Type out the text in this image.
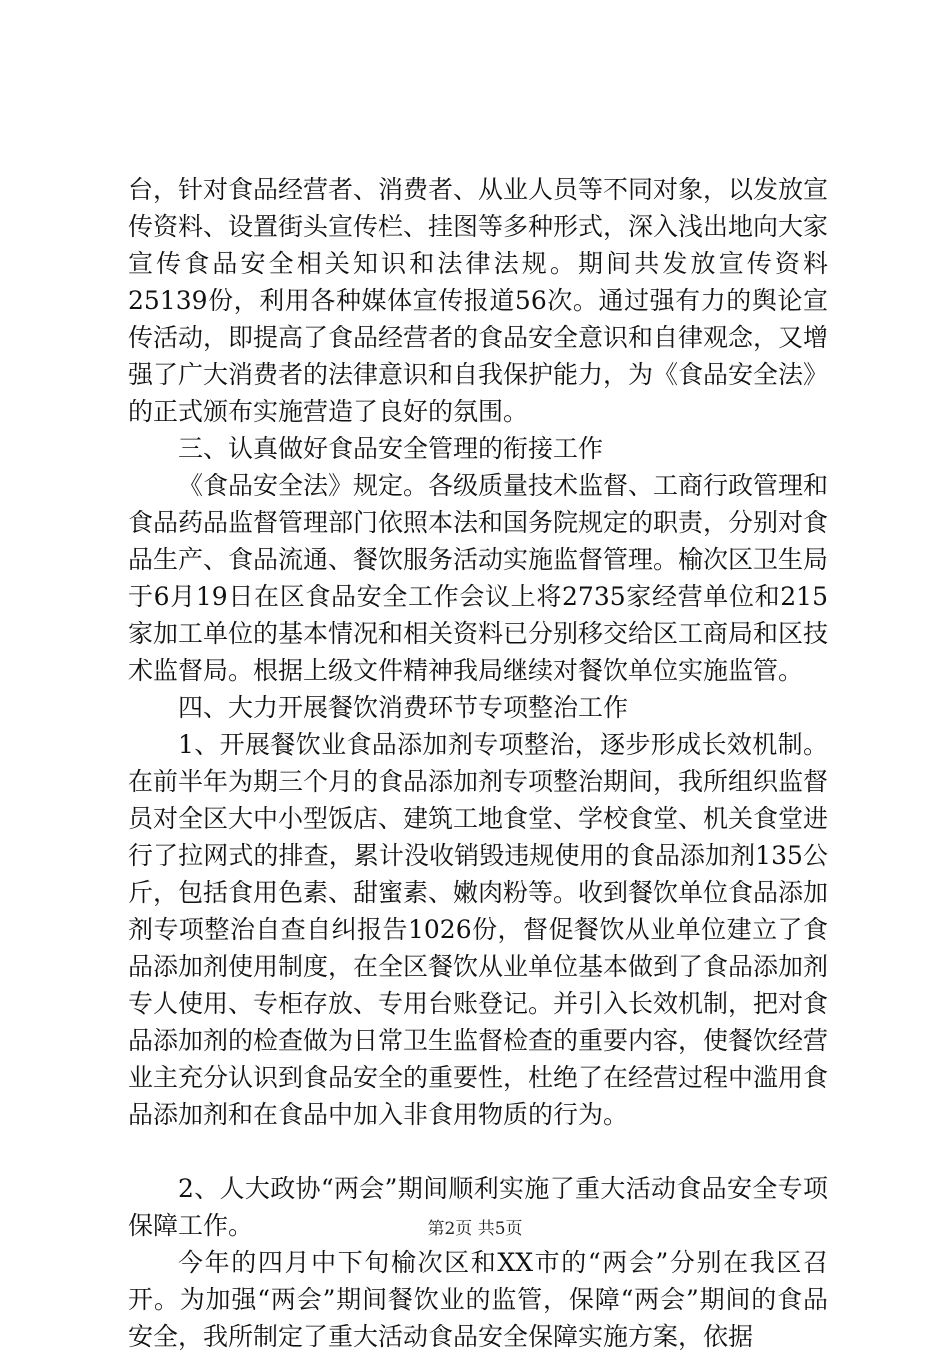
台，针对食品经营者、消费者、从业人员等不同对象，以发放宣传资料、设置街头宣传栏、挂图等多种形式，深入浅出地向大家宣传食品安全相关知识和法律法规。期间共发放宣传资料25139份，利用各种媒体宣传报道56次。通过强有力的舆论宣传活动，即提高了食品经营者的食品安全意识和自律观念，又增强了广大消费者的法律意识和自我保护能力，为《食品安全法》的正式颁布实施营造了良好的氛围。

三、认真做好食品安全管理的衔接工作

《食品安全法》规定。各级质量技术监督、工商行政管理和食品药品监督管理部门依照本法和国务院规定的职责，分别对食品生产、食品流通、餐饮服务活动实施监督管理。榆次区卫生局于6月19日在区食品安全工作会议上将2735家经营单位和215家加工单位的基本情况和相关资料已分别移交给区工商局和区技术监督局。根据上级文件精神我局继续对餐饮单位实施监管。

四、大力开展餐饮消费环节专项整治工作

1、开展餐饮业食品添加剂专项整治，逐步形成长效机制。在前半年为期三个月的食品添加剂专项整治期间，我所组织监督员对全区大中小型饭店、建筑工地食堂、学校食堂、机关食堂进行了拉网式的排查，累计没收销毁违规使用的食品添加剂135公斤，包括食用色素、甜蜜素、嫩肉粉等。收到餐饮单位食品添加剂专项整治自查自纠报告1026份，督促餐饮从业单位建立了食品添加剂使用制度，在全区餐饮从业单位基本做到了食品添加剂专人使用、专柜存放、专用台账登记。并引入长效机制，把对食品添加剂的检查做为日常卫生监督检查的重要内容，使餐饮经营业主充分认识到食品安全的重要性，杜绝了在经营过程中滥用食品添加剂和在食品中加入非食用物质的行为。

2、人大政协“两会”期间顺利实施了重大活动食品安全专项保障工作。

今年的四月中下旬榆次区和XX市的“两会”分别在我区召开。为加强“两会”期间餐饮业的监管，保障“两会”期间的食品安全，我所制定了重大活动食品安全保障实施方案，依据

第2页 共5页
